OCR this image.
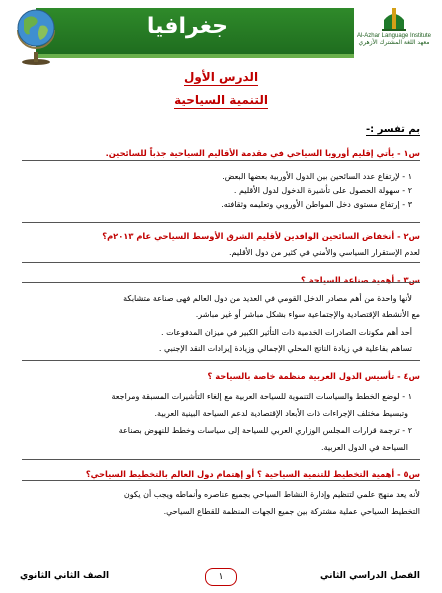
جغرافيا	Al-Azhar Language Institute
معهد اللغة المشترك الأزهري
الدرس الأول
التنمية السياحية
بم تفسر :-
س١ - يأتي إقليم أوروبا السياحي في مقدمة الأقاليم السياحية جذباً للسائحين.
١ - لإرتفاع عدد السائحين بين الدول الأوربية بعضها البعض.
٢ - سهولة الحصول على تأشيرة الدخول لدول الأقليم .
٣ - إرتفاع مستوى دخل المواطن الأوروبي وتعليمه وثقافته.
س٢ - أنخفاض السائحين الوافدين لأقليم الشرق الأوسط السياحي عام ٢٠١٣م؟
لعدم الإستقرار السياسي والأمني في كثير من دول الأقليم.
س٣ - أهمية صناعة السياحة ؟
لأنها واحدة من أهم مصادر الدخل القومي في العديد من دول العالم فهى صناعة متشابكة
مع الأنشطة الإقتصادية والإجتماعية سواء بشكل مباشر أو غير مباشر.
أحد أهم مكونات الصادرات الخدمية ذات التأثير الكبير في ميزان المدفوعات .
تساهم بفاعلية في زيادة الناتج المحلي الإجمالي وزيادة إيرادات النقد الإجنبي .
س٤ - تأسيس الدول العربية منظمة خاصة بالسياحة ؟
١ - لوضع الخطط والسياسات التنموية للسياحة العربية مع إلغاء التأشيرات المسبقة ومراجعة
وتبسيط مختلف الإجراءات ذات الأبعاد الإقتصادية لدعم السياحة البينية العربية.
٢ - ترجمة قرارات المجلس الوزاري العربي للسياحة إلى سياسات وخطط للنهوض بصناعة
السياحة في الدول العربية.
س٥ - أهمية التخطيط للتنمية السياحية ؟ أو إهتمام دول العالم بالتخطيط السياحي؟
لأنه يعد منهج علمي لتنظيم وإدارة النشاط السياحي بجميع عناصره وأنماطه ويجب أن يكون
التخطيط السياحي عملية مشتركة بين جميع الجهات المنظمة للقطاع السياحي.
الصف الثاني الثانوي	١	الفصل الدراسي الثاني
